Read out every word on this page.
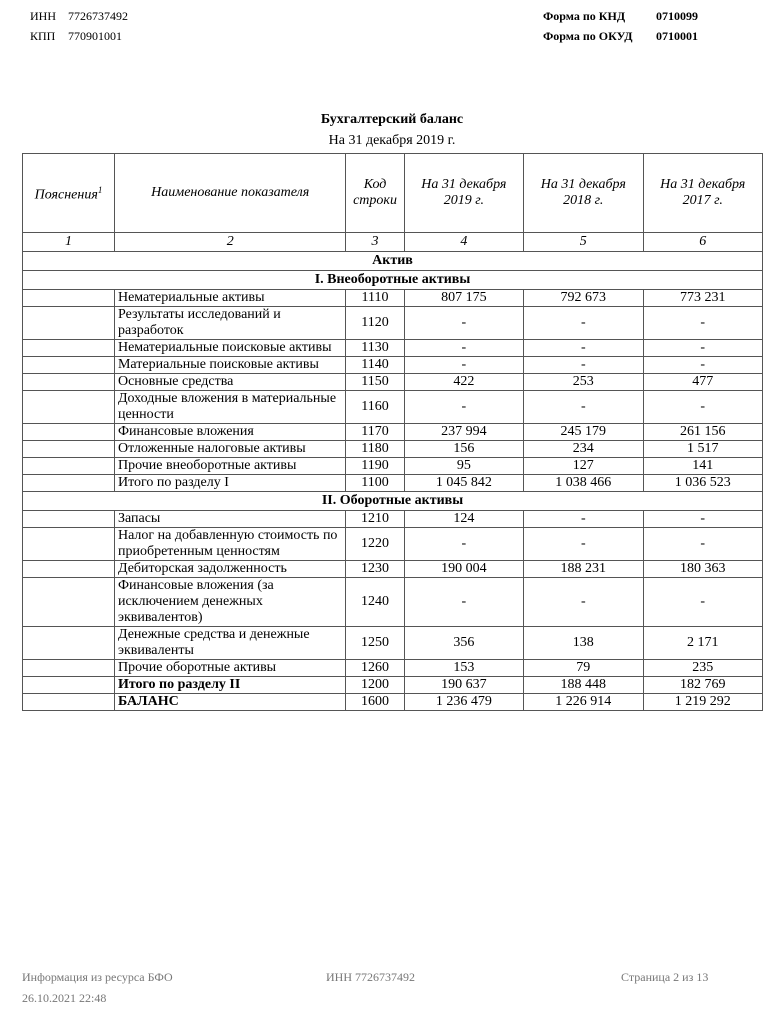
ИНН 7726737492
КПП 770901001
Форма по КНД	0710099
Форма по ОКУД 0710001
Бухгалтерский баланс
На 31 декабря 2019 г.
Пояснения$^1$	Наименование показателя	Код строки	На 31 декабря 2019 г.	На 31 декабря 2018 г.	На 31 декабря 2017 г.
1	2	3	4	5	6
Актив					
I. Внеоборотные активы					
	Нематериальные активы	1110	807 175	792 673	773 231
	Результаты исследований и разработок	1120	-	-	-
	Нематериальные поисковые активы	1130	-	-	-
	Материальные поисковые активы	1140	-	-	-
	Основные средства	1150	422	253	477
	Доходные вложения в материальные ценности	1160	-	-	-
	Финансовые вложения	1170	237 994	245 179	261 156
	Отложенные налоговые активы	1180	156	234	1 517
	Прочие внеоборотные активы	1190	95	127	141
	Итого по разделу I	1100	1 045 842	1 038 466	1 036 523
II. Оборотные активы					
	Запасы	1210	124	-	-
	Налог на добавленную стоимость по приобретенным ценностям	1220	-	-	-
	Дебиторская задолженность	1230	190 004	188 231	180 363
	Финансовые вложения (за исключением денежных эквивалентов)	1240	-	-	-
	Денежные средства и денежные эквиваленты	1250	356	138	2 171
	Прочие оборотные активы	1260	153	79	235
	Итого по разделу II	1200	190 637	188 448	182 769
	БАЛАНС	1600	1 236 479	1 226 914	1 219 292
Информация из ресурса БФО
26.10.2021 22:48
ИНН 7726737492	Страница 2 из 13
